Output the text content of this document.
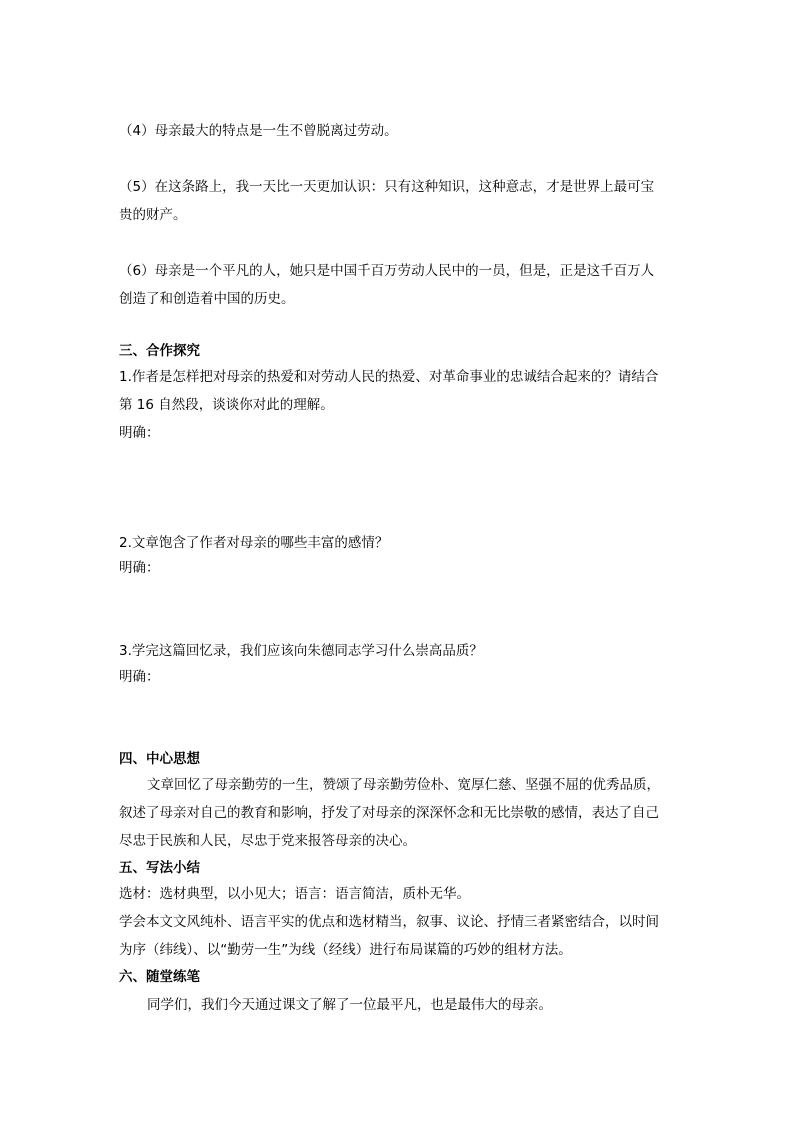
（4）母亲最大的特点是一生不曾脱离过劳动。

（5）在这条路上，我一天比一天更加认识：只有这种知识，这种意志，才是世界上最可宝

贵的财产。

（6）母亲是一个平凡的人，她只是中国千百万劳动人民中的一员，但是，正是这千百万人

创造了和创造着中国的历史。

三、合作探究

1.作者是怎样把对母亲的热爱和对劳动人民的热爱、对革命事业的忠诚结合起来的？请结合

第 16 自然段，谈谈你对此的理解。

明确：

2.文章饱含了作者对母亲的哪些丰富的感情？

明确：

3.学完这篇回忆录，我们应该向朱德同志学习什么崇高品质？

明确：

四、中心思想

文章回忆了母亲勤劳的一生，赞颂了母亲勤劳俭朴、宽厚仁慈、坚强不屈的优秀品质，

叙述了母亲对自己的教育和影响，抒发了对母亲的深深怀念和无比崇敬的感情，表达了自己

尽忠于民族和人民，尽忠于党来报答母亲的决心。

五、写法小结

选材：选材典型，以小见大；语言：语言简洁，质朴无华。

学会本文文风纯朴、语言平实的优点和选材精当，叙事、议论、抒情三者紧密结合，以时间

为序（纬线）、以“勤劳一生”为线（经线）进行布局谋篇的巧妙的组材方法。

六、随堂练笔

同学们，我们今天通过课文了解了一位最平凡，也是最伟大的母亲。
